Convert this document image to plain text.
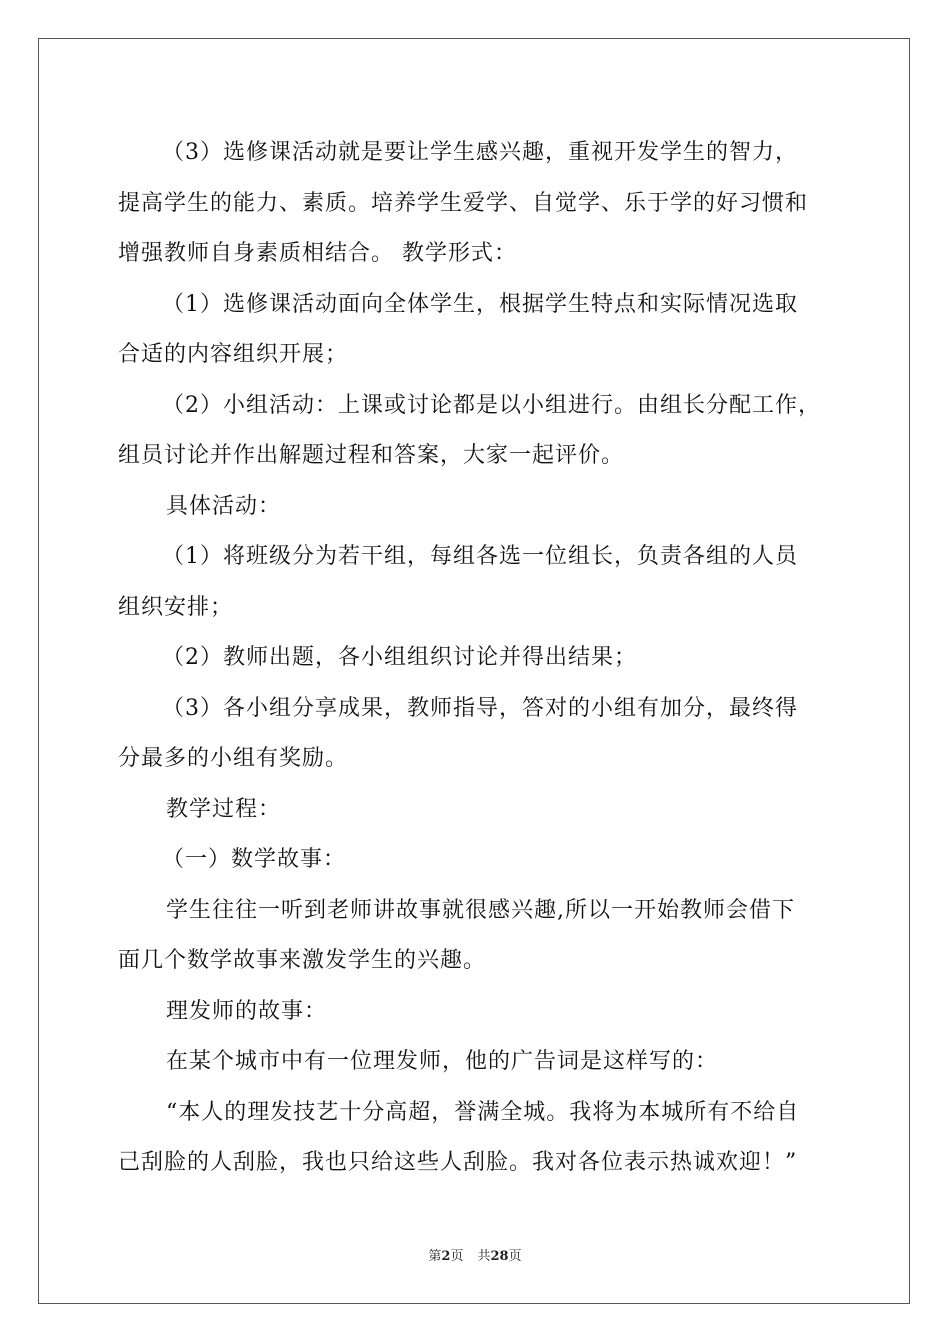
（3）选修课活动就是要让学生感兴趣，重视开发学生的智力，
提高学生的能力、素质。培养学生爱学、自觉学、乐于学的好习惯和
增强教师自身素质相结合。 教学形式：
（1）选修课活动面向全体学生，根据学生特点和实际情况选取
合适的内容组织开展；
（2）小组活动：上课或讨论都是以小组进行。由组长分配工作，
组员讨论并作出解题过程和答案，大家一起评价。
具体活动：
（1）将班级分为若干组，每组各选一位组长，负责各组的人员
组织安排；
（2）教师出题，各小组组织讨论并得出结果；
（3）各小组分享成果，教师指导，答对的小组有加分，最终得
分最多的小组有奖励。
教学过程：
（一）数学故事：
学生往往一听到老师讲故事就很感兴趣,所以一开始教师会借下
面几个数学故事来激发学生的兴趣。
理发师的故事：
在某个城市中有一位理发师，他的广告词是这样写的：
“本人的理发技艺十分高超，誉满全城。我将为本城所有不给自
己刮脸的人刮脸，我也只给这些人刮脸。我对各位表示热诚欢迎！”
第2页 共28页
